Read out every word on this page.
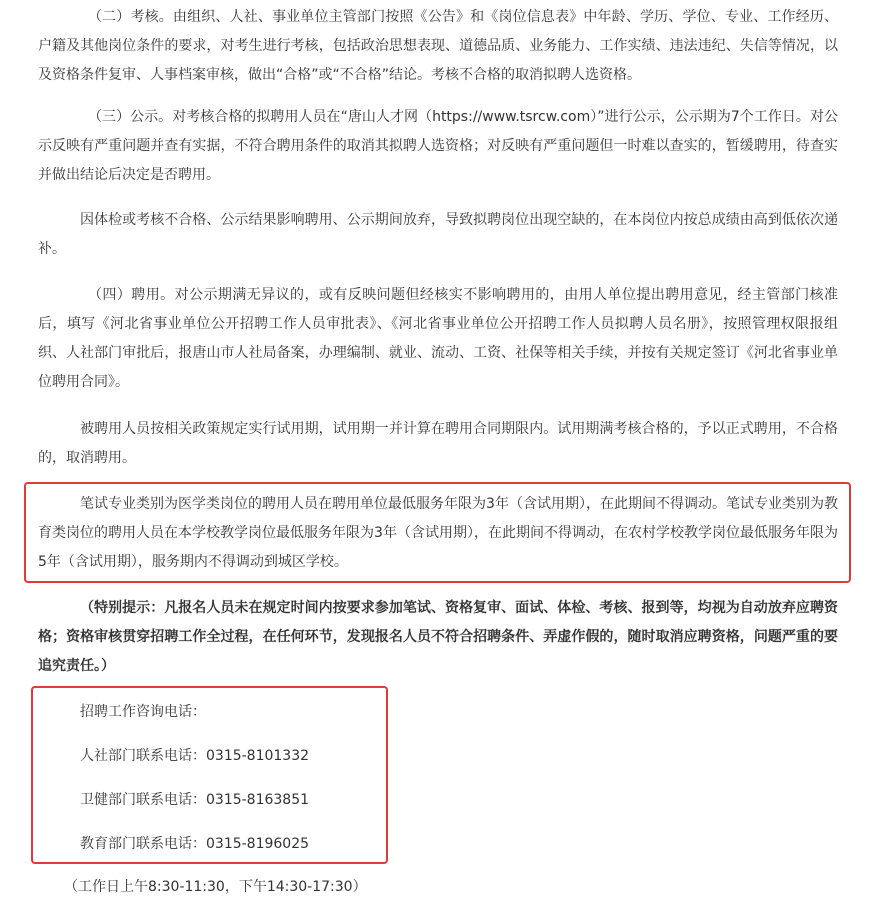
（二）考核。由组织、人社、事业单位主管部门按照《公告》和《岗位信息表》中年龄、学历、学位、专业、工作经历、户籍及其他岗位条件的要求，对考生进行考核，包括政治思想表现、道德品质、业务能力、工作实绩、违法违纪、失信等情况，以及资格条件复审、人事档案审核，做出“合格”或“不合格”结论。考核不合格的取消拟聘人选资格。

（三）公示。对考核合格的拟聘用人员在“唐山人才网（https://www.tsrcw.com）”进行公示，公示期为7个工作日。对公示反映有严重问题并查有实据，不符合聘用条件的取消其拟聘人选资格；对反映有严重问题但一时难以查实的，暂缓聘用，待查实并做出结论后决定是否聘用。

因体检或考核不合格、公示结果影响聘用、公示期间放弃，导致拟聘岗位出现空缺的，在本岗位内按总成绩由高到低依次递补。

（四）聘用。对公示期满无异议的，或有反映问题但经核实不影响聘用的，由用人单位提出聘用意见，经主管部门核准后，填写《河北省事业单位公开招聘工作人员审批表》、《河北省事业单位公开招聘工作人员拟聘人员名册》，按照管理权限报组织、人社部门审批后，报唐山市人社局备案，办理编制、就业、流动、工资、社保等相关手续，并按有关规定签订《河北省事业单位聘用合同》。

被聘用人员按相关政策规定实行试用期，试用期一并计算在聘用合同期限内。试用期满考核合格的，予以正式聘用，不合格的，取消聘用。

笔试专业类别为医学类岗位的聘用人员在聘用单位最低服务年限为3年（含试用期），在此期间不得调动。笔试专业类别为教育类岗位的聘用人员在本学校教学岗位最低服务年限为3年（含试用期），在此期间不得调动，在农村学校教学岗位最低服务年限为5年（含试用期），服务期内不得调动到城区学校。

（特别提示：凡报名人员未在规定时间内按要求参加笔试、资格复审、面试、体检、考核、报到等，均视为自动放弃应聘资格；资格审核贯穿招聘工作全过程，在任何环节，发现报名人员不符合招聘条件、弄虚作假的，随时取消应聘资格，问题严重的要追究责任。）

招聘工作咨询电话：

人社部门联系电话：0315-8101332

卫健部门联系电话：0315-8163851

教育部门联系电话：0315-8196025

（工作日上午8:30-11:30，下午14:30-17:30）
